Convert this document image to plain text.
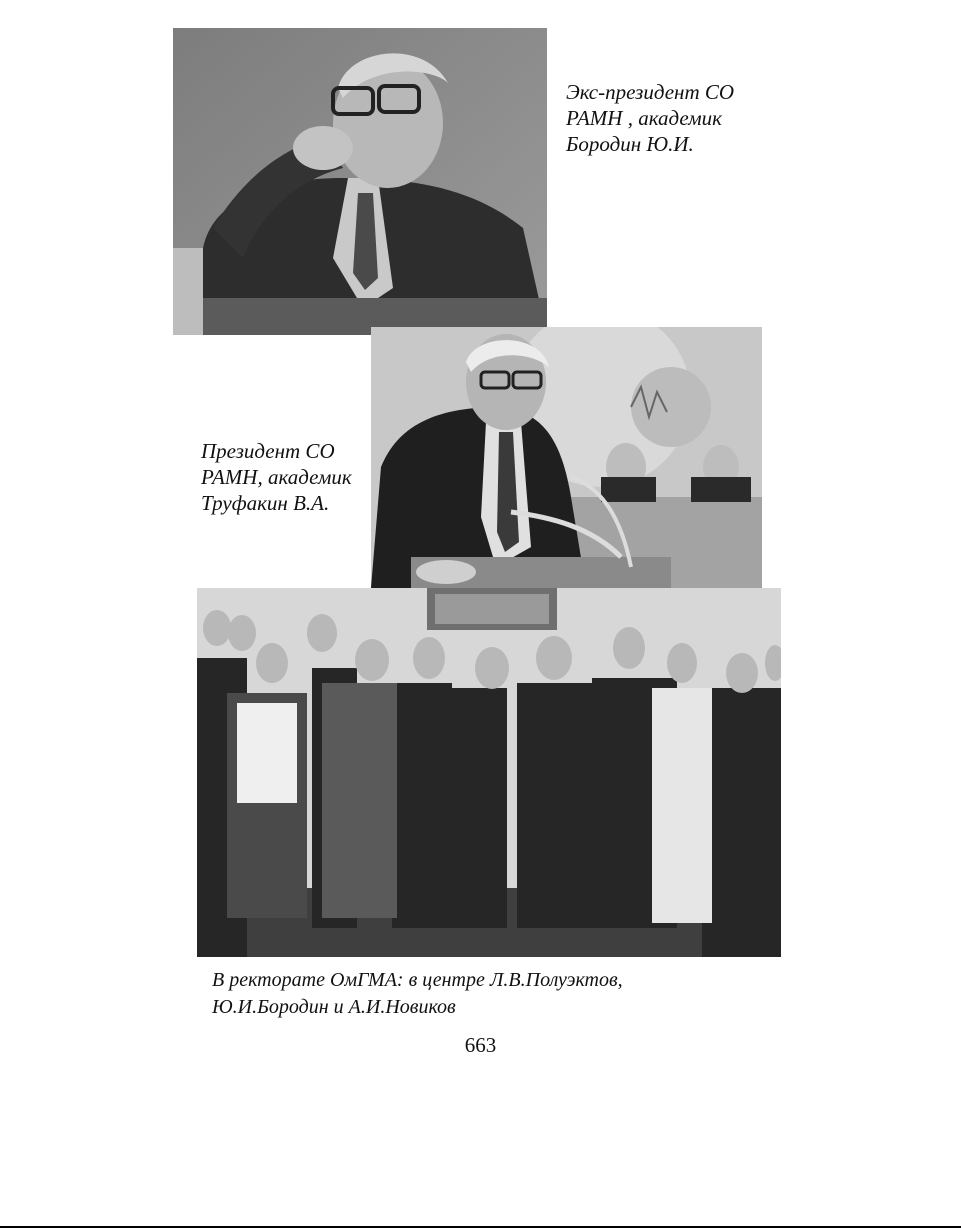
Экс-президент СО
РАМН , академик
Бородин Ю.И.

Президент СО
РАМН, академик
Труфакин В.А.

В ректорате ОмГМА: в центре Л.В.Полуэктов,
Ю.И.Бородин и А.И.Новиков

663
